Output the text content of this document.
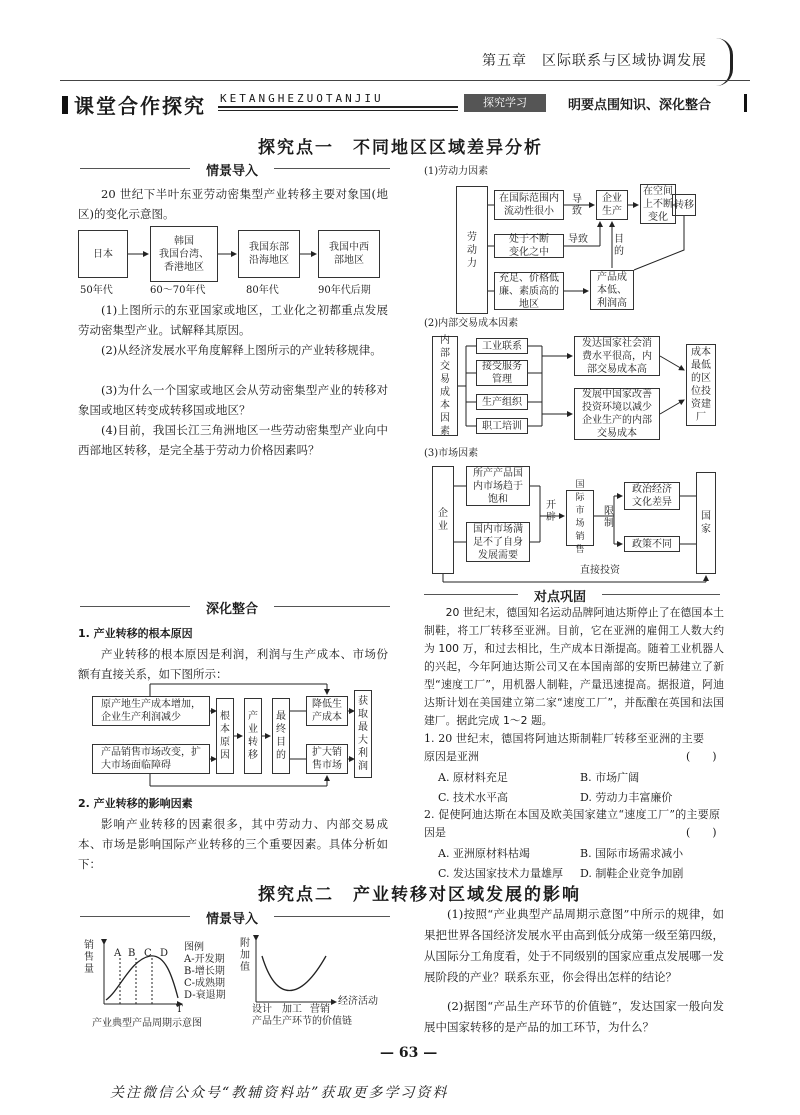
第五章　区际联系与区域协调发展
课堂合作探究 KETANGHEZUOTANJIU	探究学习	明要点围知识、深化整合
探究点一　不同地区区域差异分析
情景导入
20 世纪下半叶东亚劳动密集型产业转移主要对象国(地区)的变化示意图。
日本
韩国
我国台湾、
香港地区
我国东部
沿海地区
我国中西
部地区
50年代	60～70年代	80年代	90年代后期
(1)上图所示的东亚国家或地区，工业化之初都重点发展劳动密集型产业。试解释其原因。
(2)从经济发展水平角度解释上图所示的产业转移规律。
(3)为什么一个国家或地区会从劳动密集型产业的转移对象国或地区转变成转移国或地区？
(4)目前，我国长江三角洲地区一些劳动密集型产业向中西部地区转移，是完全基于劳动力价格因素吗？
(1)劳动力因素
劳
动
力
在国际范围内
流动性很小
企业
生产
在空间
上不断
变化
转移
处于不断
变化之中
充足、价格低
廉、素质高的
地区
产品成
本低、
利润高
导
致
导致	目
的
(2)内部交易成本因素
内
部
交
易
成
本
因
素
工业联系
接受服务
管理
生产组织
职工培训
发达国家社会消
费水平很高，内
部交易成本高
发展中国家改善
投资环境以减少
企业生产的内部
交易成本
成本
最低
的区
位投
资建
厂
(3)市场因素
企
业
所产产品国
内市场趋于
饱和
国内市场满
足不了自身
发展需要
开
辟
国
际
市
场
销
售
限
制
政治经济
文化差异
政策不同
国
家
直接投资
深化整合
1. 产业转移的根本原因
产业转移的根本原因是利润，利润与生产成本、市场份额有直接关系，如下图所示：
原产地生产成本增加，
企业生产利润减少
产品销售市场改变，扩
大市场面临障碍
根
本
原
因
产
业
转
移
最
终
目
的
降低生
产成本
扩大销
售市场
获
取
最
大
利
润
2. 产业转移的影响因素
影响产业转移的因素很多，其中劳动力、内部交易成本、市场是影响国际产业转移的三个重要因素。具体分析如下：
对点巩固
20 世纪末，德国知名运动品牌阿迪达斯停止了在德国本土制鞋，将工厂转移至亚洲。目前，它在亚洲的雇佣工人数大约为 100 万，和过去相比，生产成本日渐提高。随着工业机器人的兴起，今年阿迪达斯公司又在本国南部的安斯巴赫建立了新型“速度工厂”，用机器人制鞋，产量迅速提高。据报道，阿迪达斯计划在美国建立第二家“速度工厂”，并酝酿在英国和法国建厂。据此完成 1～2 题。
1. 20 世纪末，德国将阿迪达斯制鞋厂转移至亚洲的主要原因是亚洲	(　　)
A. 原材料充足	B. 市场广阔
C. 技术水平高	D. 劳动力丰富廉价
2. 促使阿迪达斯在本国及欧美国家建立“速度工厂”的主要原因是	(　　)
A. 亚洲原材料枯竭	B. 国际市场需求减小
C. 发达国家技术力量雄厚 D. 制鞋企业竞争加剧
探究点二　产业转移对区域发展的影响
情景导入
销
售
量
A B C D
图例
A-开发期
B-增长期
C-成熟期
D-衰退期
T
产业典型产品周期示意图
附
加
值
设计 加工 营销
经济活动
产品生产环节的价值链
(1)按照“产业典型产品周期示意图”中所示的规律，如果把世界各国经济发展水平由高到低分成第一级至第四级，从国际分工角度看，处于不同级别的国家应重点发展哪一发展阶段的产业？联系东亚，你会得出怎样的结论？
(2)据图“产品生产环节的价值链”，发达国家一般向发展中国家转移的是产品的加工环节，为什么？
— 63 —
关注微信公众号“教辅资料站”获取更多学习资料
